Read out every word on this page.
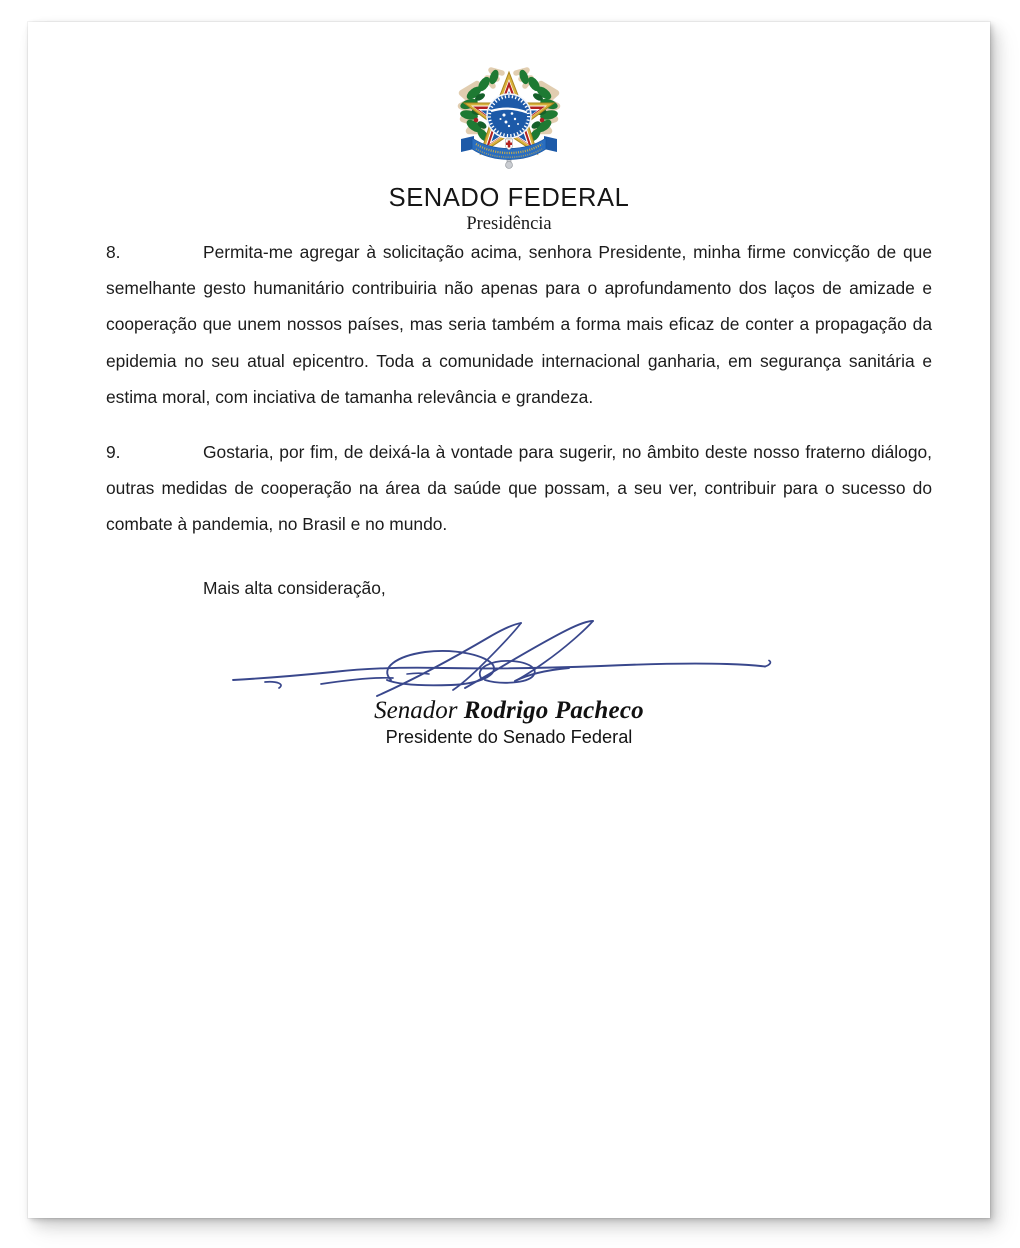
SENADO FEDERAL
Presidência

8.	Permita-me agregar à solicitação acima, senhora Presidente, minha firme convicção de que semelhante gesto humanitário contribuiria não apenas para o aprofundamento dos laços de amizade e cooperação que unem nossos países, mas seria também a forma mais eficaz de conter a propagação da epidemia no seu atual epicentro. Toda a comunidade internacional ganharia, em segurança sanitária e estima moral, com inciativa de tamanha relevância e grandeza.

9.	Gostaria, por fim, de deixá-la à vontade para sugerir, no âmbito deste nosso fraterno diálogo, outras medidas de cooperação na área da saúde que possam, a seu ver, contribuir para o sucesso do combate à pandemia, no Brasil e no mundo.

Mais alta consideração,
Senador Rodrigo Pacheco
Presidente do Senado Federal
